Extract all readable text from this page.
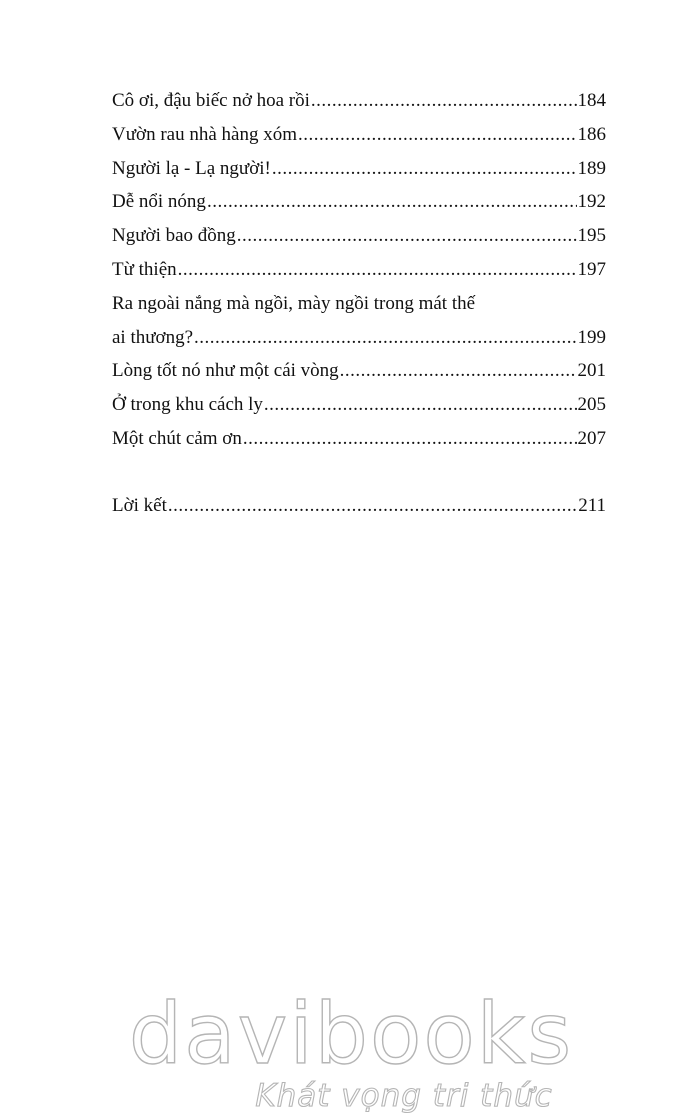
Cô ơi, đậu biếc nở hoa rồi .....	184
Vườn rau nhà hàng xóm .....	186
Người lạ - Lạ người! .....	189
Dễ nổi nóng .....	192
Người bao đồng .....	195
Từ thiện .....	197
Ra ngoài nắng mà ngồi, mày ngồi trong mát thế
ai thương? .....	199
Lòng tốt nó như một cái vòng .....	201
Ở trong khu cách ly .....	205
Một chút cảm ơn .....	207
Lời kết .....	211
davibooks
Khát vọng tri thức
